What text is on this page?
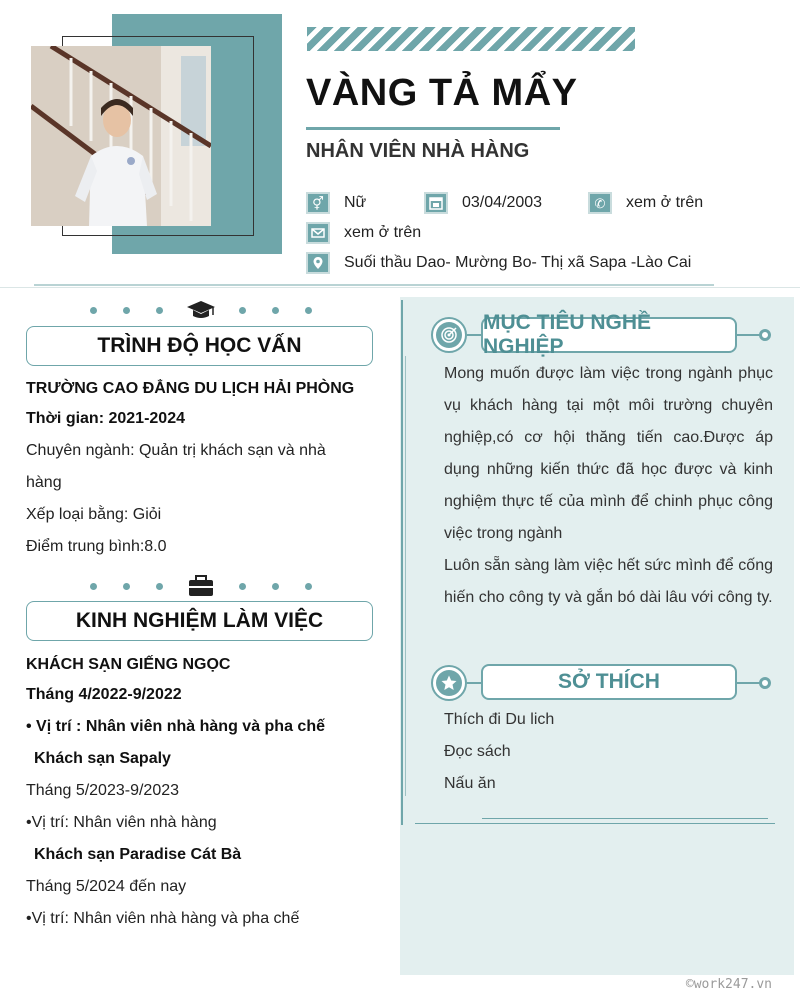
VÀNG TẢ MẨY
NHÂN VIÊN NHÀ HÀNG
⚥	Nữ	03/04/2003	✆	xem ở trên
xem ở trên
Suối thầu Dao- Mường Bo- Thị xã Sapa -Lào Cai
TRÌNH ĐỘ HỌC VẤN
TRƯỜNG CAO ĐẲNG DU LỊCH HẢI PHÒNG
Thời gian: 2021-2024
Chuyên ngành: Quản trị khách sạn và nhà
hàng
Xếp loại bằng: Giỏi
Điểm trung bình:8.0
KINH NGHIỆM LÀM VIỆC
KHÁCH SẠN GIẾNG NGỌC
Tháng 4/2022-9/2022
• Vị trí : Nhân viên nhà hàng và pha chế
Khách sạn Sapaly
Tháng 5/2023-9/2023
•Vị trí: Nhân viên nhà hàng
Khách sạn Paradise Cát Bà
Tháng 5/2024 đến nay
•Vị trí: Nhân viên nhà hàng và pha chế
MỤC TIÊU NGHỀ NGHIỆP

Mong muốn được làm việc trong ngành phục vụ khách hàng tại một môi trường chuyên nghiệp,có cơ hội thăng tiến cao.Được áp dụng những kiến thức đã học được và kinh nghiệm thực tế của mình để chinh phục công việc trong ngành

Luôn sẵn sàng làm việc hết sức mình để cống hiến cho công ty và gắn bó dài lâu với công ty.

SỞ THÍCH
Thích đi Du lich
Đọc sách
Nấu ăn
©work247.vn
